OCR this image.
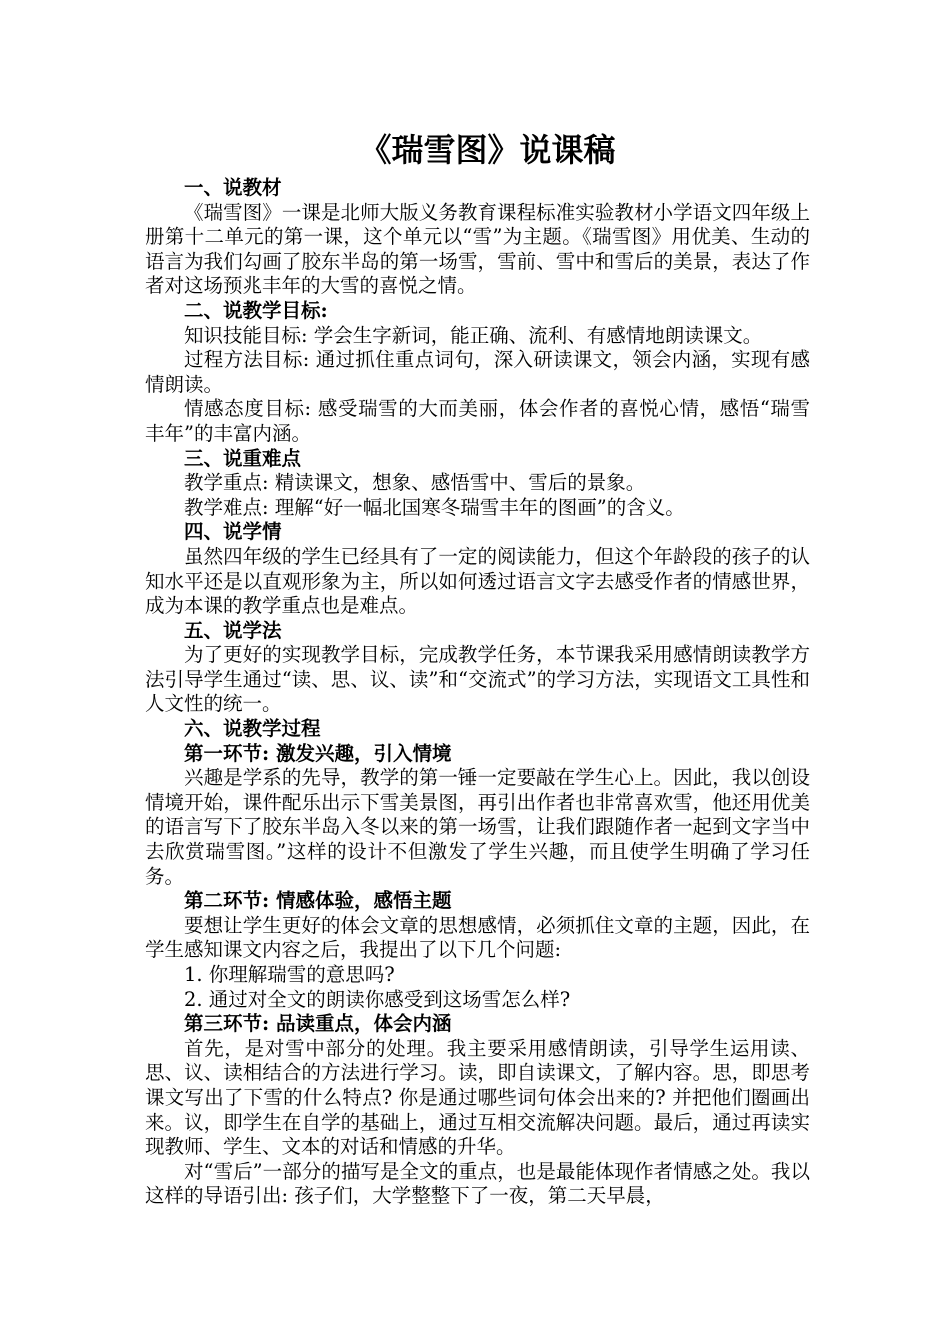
《瑞雪图》说课稿

一、说教材

《瑞雪图》一课是北师大版义务教育课程标准实验教材小学语文四年级上册第十二单元的第一课，这个单元以“雪”为主题。《瑞雪图》用优美、生动的语言为我们勾画了胶东半岛的第一场雪，雪前、雪中和雪后的美景，表达了作者对这场预兆丰年的大雪的喜悦之情。

二、说教学目标:

知识技能目标: 学会生字新词，能正确、流利、有感情地朗读课文。

过程方法目标: 通过抓住重点词句，深入研读课文，领会内涵，实现有感情朗读。

情感态度目标: 感受瑞雪的大而美丽，体会作者的喜悦心情，感悟“瑞雪丰年”的丰富内涵。

三、说重难点

教学重点: 精读课文，想象、感悟雪中、雪后的景象。

教学难点: 理解“好一幅北国寒冬瑞雪丰年的图画”的含义。

四、说学情

虽然四年级的学生已经具有了一定的阅读能力，但这个年龄段的孩子的认知水平还是以直观形象为主，所以如何透过语言文字去感受作者的情感世界，成为本课的教学重点也是难点。

五、说学法

为了更好的实现教学目标，完成教学任务，本节课我采用感情朗读教学方法引导学生通过“读、思、议、读”和“交流式”的学习方法，实现语文工具性和人文性的统一。

六、说教学过程

第一环节: 激发兴趣，引入情境

兴趣是学系的先导，教学的第一锤一定要敲在学生心上。因此，我以创设情境开始，课件配乐出示下雪美景图，再引出作者也非常喜欢雪，他还用优美的语言写下了胶东半岛入冬以来的第一场雪，让我们跟随作者一起到文字当中去欣赏瑞雪图。”这样的设计不但激发了学生兴趣，而且使学生明确了学习任务。

第二环节: 情感体验，感悟主题

要想让学生更好的体会文章的思想感情，必须抓住文章的主题，因此，在学生感知课文内容之后，我提出了以下几个问题:

1. 你理解瑞雪的意思吗?

2. 通过对全文的朗读你感受到这场雪怎么样?

第三环节: 品读重点，体会内涵

首先，是对雪中部分的处理。我主要采用感情朗读，引导学生运用读、思、议、读相结合的方法进行学习。读，即自读课文，了解内容。思，即思考课文写出了下雪的什么特点? 你是通过哪些词句体会出来的? 并把他们圈画出来。议，即学生在自学的基础上，通过互相交流解决问题。最后，通过再读实现教师、学生、文本的对话和情感的升华。

对“雪后”一部分的描写是全文的重点，也是最能体现作者情感之处。我以这样的导语引出: 孩子们，大学整整下了一夜，第二天早晨，
